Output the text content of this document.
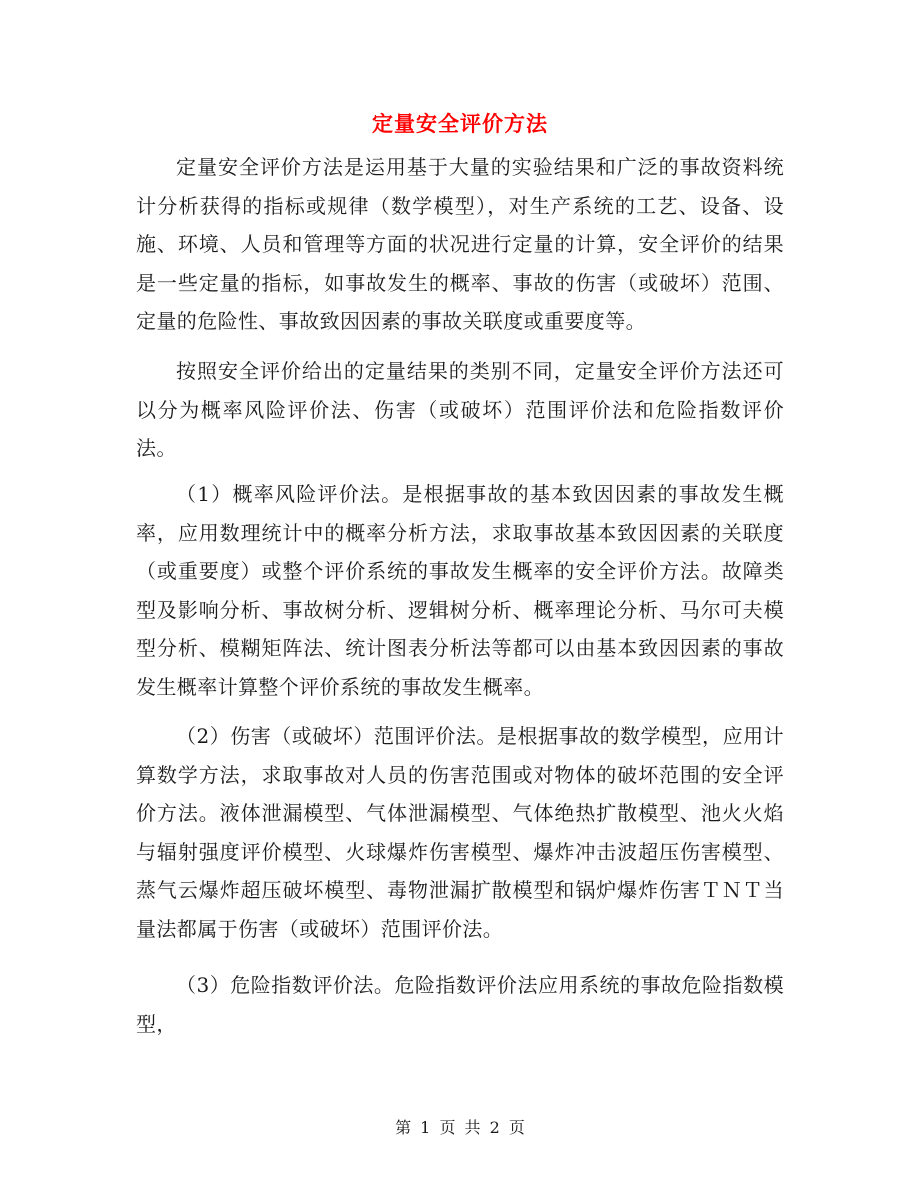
定量安全评价方法

定量安全评价方法是运用基于大量的实验结果和广泛的事故资料统计分析获得的指标或规律（数学模型），对生产系统的工艺、设备、设施、环境、人员和管理等方面的状况进行定量的计算，安全评价的结果是一些定量的指标，如事故发生的概率、事故的伤害（或破坏）范围、定量的危险性、事故致因因素的事故关联度或重要度等。

按照安全评价给出的定量结果的类别不同，定量安全评价方法还可以分为概率风险评价法、伤害（或破坏）范围评价法和危险指数评价法。

（1）概率风险评价法。是根据事故的基本致因因素的事故发生概率，应用数理统计中的概率分析方法，求取事故基本致因因素的关联度（或重要度）或整个评价系统的事故发生概率的安全评价方法。故障类型及影响分析、事故树分析、逻辑树分析、概率理论分析、马尔可夫模型分析、模糊矩阵法、统计图表分析法等都可以由基本致因因素的事故发生概率计算整个评价系统的事故发生概率。

（2）伤害（或破坏）范围评价法。是根据事故的数学模型，应用计算数学方法，求取事故对人员的伤害范围或对物体的破坏范围的安全评价方法。液体泄漏模型、气体泄漏模型、气体绝热扩散模型、池火火焰与辐射强度评价模型、火球爆炸伤害模型、爆炸冲击波超压伤害模型、蒸气云爆炸超压破坏模型、毒物泄漏扩散模型和锅炉爆炸伤害ＴＮＴ当量法都属于伤害（或破坏）范围评价法。

（3）危险指数评价法。危险指数评价法应用系统的事故危险指数模型，

第 1 页 共 2 页
